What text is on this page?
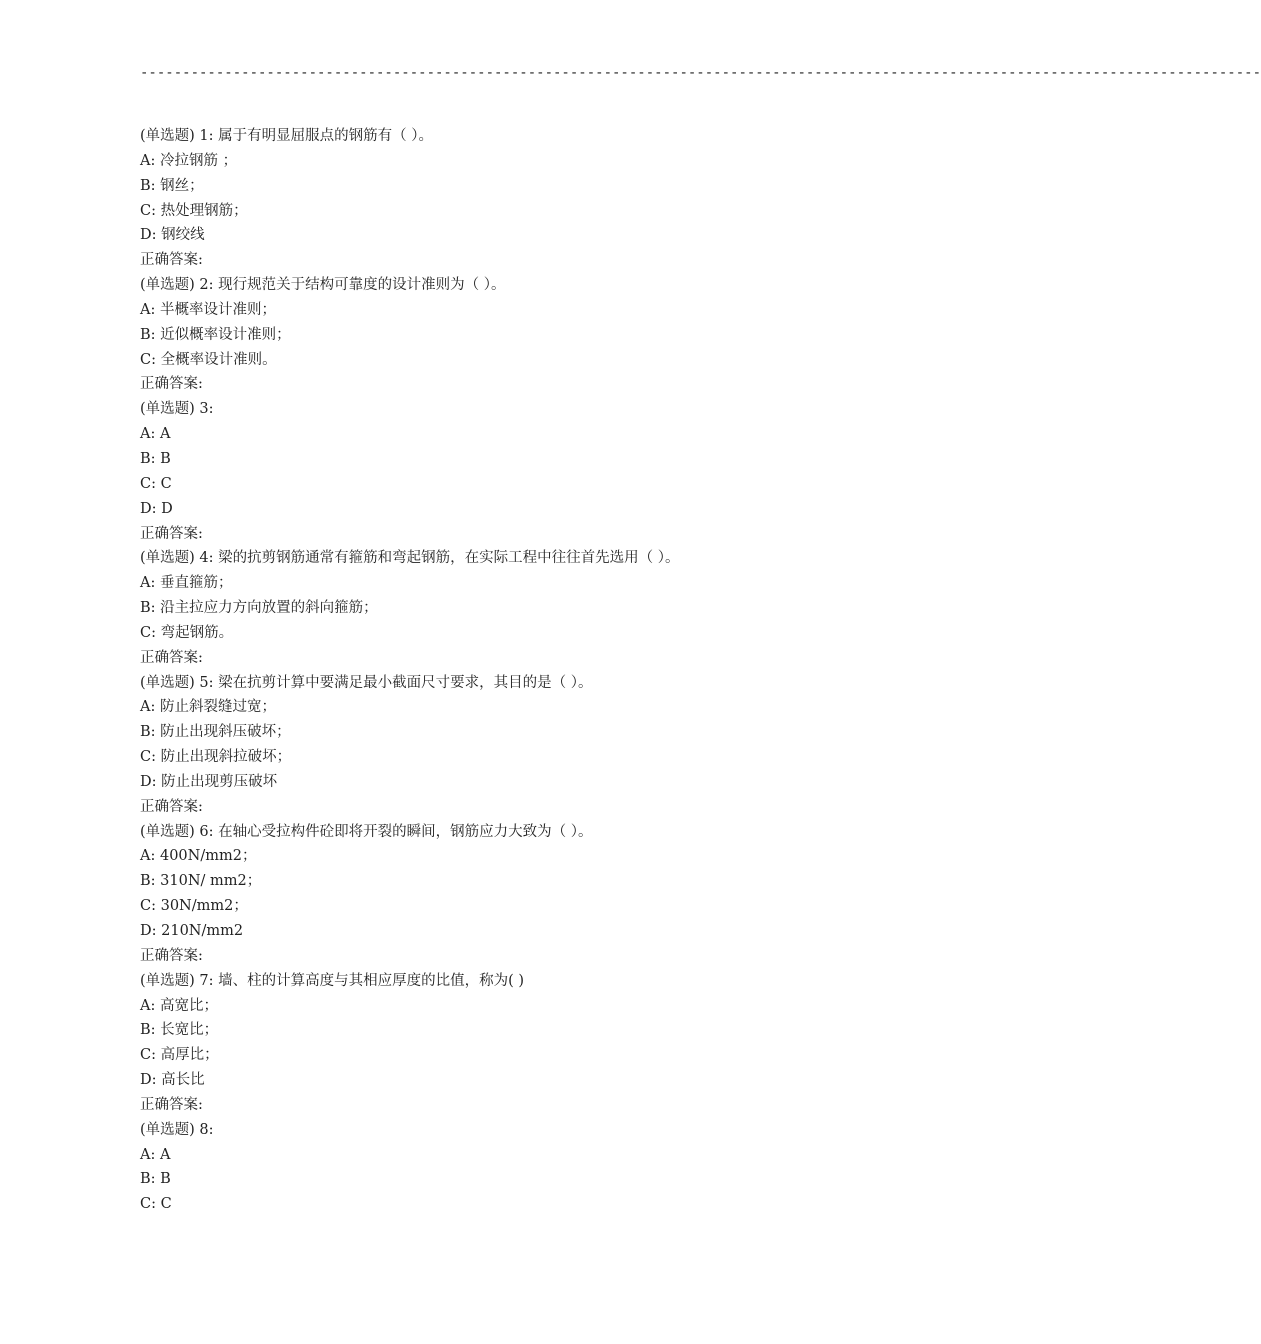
-------------------------------------------------------------------------------------------------------------------------------------
(单选题) 1: 属于有明显屈服点的钢筋有（ ）。
A: 冷拉钢筋 ；
B: 钢丝；
C: 热处理钢筋；
D: 钢绞线
正确答案:
(单选题) 2: 现行规范关于结构可靠度的设计准则为（ ）。
A: 半概率设计准则；
B: 近似概率设计准则；
C: 全概率设计准则。
正确答案:
(单选题) 3:
A: A
B: B
C: C
D: D
正确答案:
(单选题) 4: 梁的抗剪钢筋通常有箍筋和弯起钢筋，在实际工程中往往首先选用（ ）。
A: 垂直箍筋；
B: 沿主拉应力方向放置的斜向箍筋；
C: 弯起钢筋。
正确答案:
(单选题) 5: 梁在抗剪计算中要满足最小截面尺寸要求，其目的是（ ）。
A: 防止斜裂缝过宽；
B: 防止出现斜压破坏；
C: 防止出现斜拉破坏；
D: 防止出现剪压破坏
正确答案:
(单选题) 6: 在轴心受拉构件砼即将开裂的瞬间，钢筋应力大致为（ ）。
A: 400N/mm2；
B: 310N/ mm2；
C: 30N/mm2；
D: 210N/mm2
正确答案:
(单选题) 7: 墙、柱的计算高度与其相应厚度的比值，称为( )
A: 高宽比；
B: 长宽比；
C: 高厚比；
D: 高长比
正确答案:
(单选题) 8:
A: A
B: B
C: C
